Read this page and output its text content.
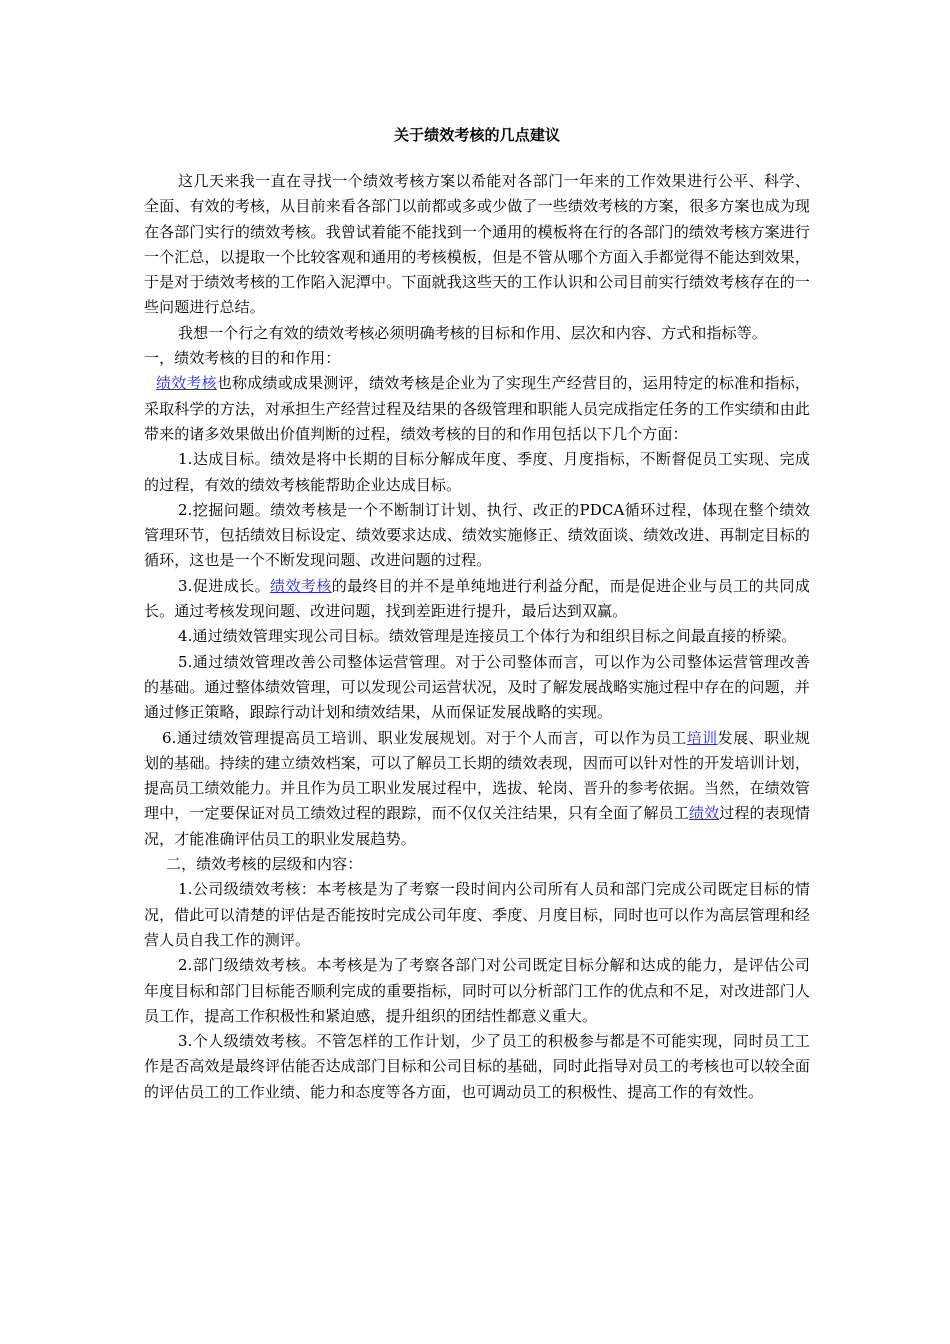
关于绩效考核的几点建议

这几天来我一直在寻找一个绩效考核方案以希能对各部门一年来的工作效果进行公平、科学、全面、有效的考核，从目前来看各部门以前都或多或少做了一些绩效考核的方案，很多方案也成为现在各部门实行的绩效考核。我曾试着能不能找到一个通用的模板将在行的各部门的绩效考核方案进行一个汇总，以提取一个比较客观和通用的考核模板，但是不管从哪个方面入手都觉得不能达到效果，于是对于绩效考核的工作陷入泥潭中。下面就我这些天的工作认识和公司目前实行绩效考核存在的一些问题进行总结。

我想一个行之有效的绩效考核必须明确考核的目标和作用、层次和内容、方式和指标等。

一，绩效考核的目的和作用：

绩效考核也称成绩或成果测评，绩效考核是企业为了实现生产经营目的，运用特定的标准和指标，采取科学的方法，对承担生产经营过程及结果的各级管理和职能人员完成指定任务的工作实绩和由此带来的诸多效果做出价值判断的过程，绩效考核的目的和作用包括以下几个方面：

1.达成目标。绩效是将中长期的目标分解成年度、季度、月度指标，不断督促员工实现、完成的过程，有效的绩效考核能帮助企业达成目标。

2.挖掘问题。绩效考核是一个不断制订计划、执行、改正的PDCA循环过程，体现在整个绩效管理环节，包括绩效目标设定、绩效要求达成、绩效实施修正、绩效面谈、绩效改进、再制定目标的循环，这也是一个不断发现问题、改进问题的过程。

3.促进成长。绩效考核的最终目的并不是单纯地进行利益分配，而是促进企业与员工的共同成长。通过考核发现问题、改进问题，找到差距进行提升，最后达到双赢。

4.通过绩效管理实现公司目标。绩效管理是连接员工个体行为和组织目标之间最直接的桥梁。

5.通过绩效管理改善公司整体运营管理。对于公司整体而言，可以作为公司整体运营管理改善的基础。通过整体绩效管理，可以发现公司运营状况，及时了解发展战略实施过程中存在的问题，并通过修正策略，跟踪行动计划和绩效结果，从而保证发展战略的实现。

6.通过绩效管理提高员工培训、职业发展规划。对于个人而言，可以作为员工培训发展、职业规划的基础。持续的建立绩效档案，可以了解员工长期的绩效表现，因而可以针对性的开发培训计划，提高员工绩效能力。并且作为员工职业发展过程中，选拔、轮岗、晋升的参考依据。当然，在绩效管理中，一定要保证对员工绩效过程的跟踪，而不仅仅关注结果，只有全面了解员工绩效过程的表现情况，才能准确评估员工的职业发展趋势。

二，绩效考核的层级和内容：

1.公司级绩效考核：本考核是为了考察一段时间内公司所有人员和部门完成公司既定目标的情况，借此可以清楚的评估是否能按时完成公司年度、季度、月度目标，同时也可以作为高层管理和经营人员自我工作的测评。

2.部门级绩效考核。本考核是为了考察各部门对公司既定目标分解和达成的能力，是评估公司年度目标和部门目标能否顺利完成的重要指标，同时可以分析部门工作的优点和不足，对改进部门人员工作，提高工作积极性和紧迫感，提升组织的团结性都意义重大。

3.个人级绩效考核。不管怎样的工作计划，少了员工的积极参与都是不可能实现，同时员工工作是否高效是最终评估能否达成部门目标和公司目标的基础，同时此指导对员工的考核也可以较全面的评估员工的工作业绩、能力和态度等各方面，也可调动员工的积极性、提高工作的有效性。
